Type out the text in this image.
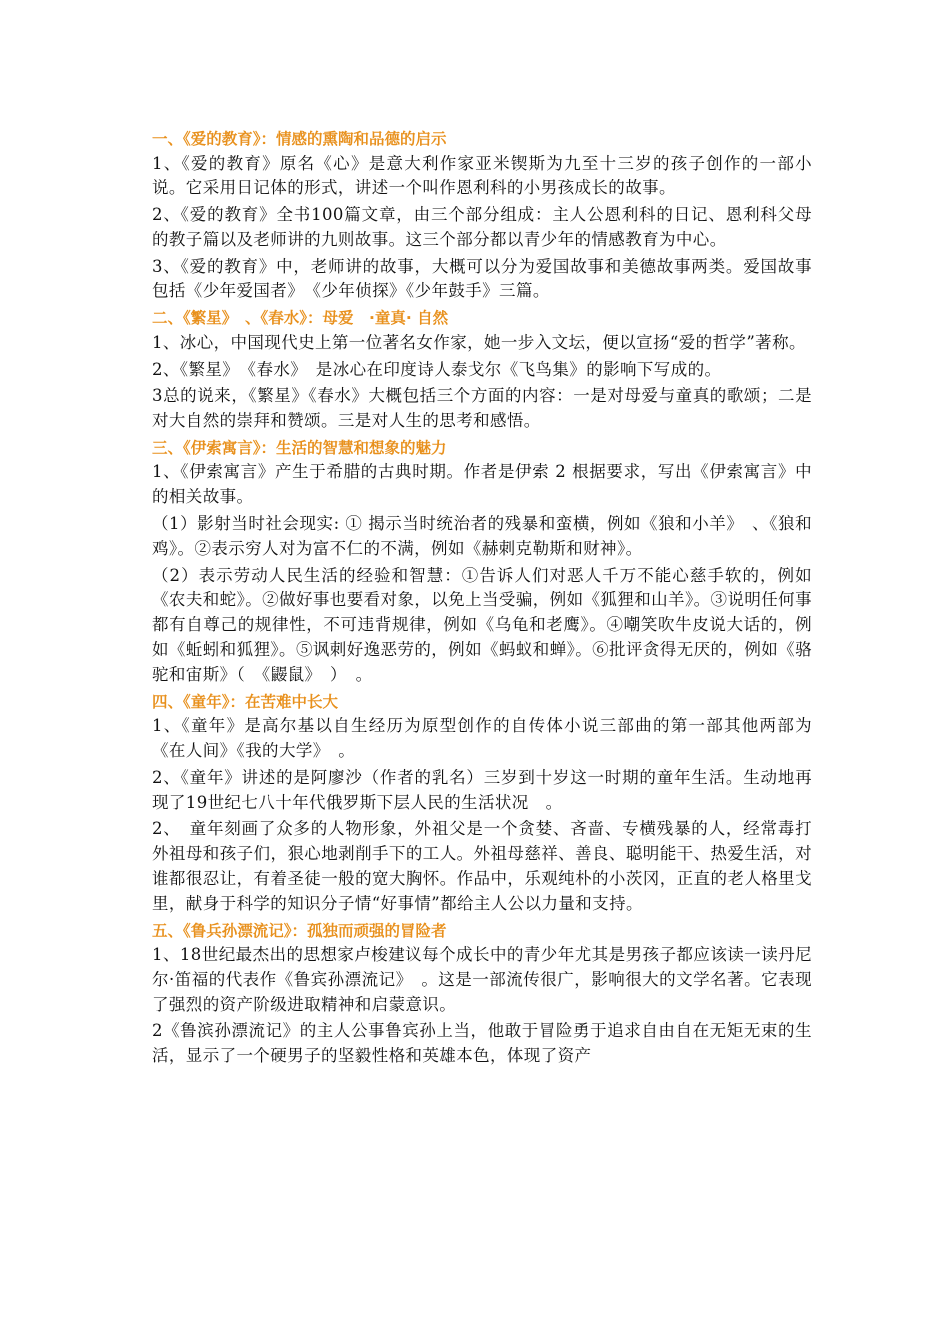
一、《爱的教育》：情感的熏陶和品德的启示

1、《爱的教育》原名《心》是意大利作家亚米锲斯为九至十三岁的孩子创作的一部小说。它采用日记体的形式，讲述一个叫作恩利科的小男孩成长的故事。

2、《爱的教育》全书100篇文章，由三个部分组成：主人公恩利科的日记、恩利科父母的教子篇以及老师讲的九则故事。这三个部分都以青少年的情感教育为中心。

3、《爱的教育》中，老师讲的故事，大概可以分为爱国故事和美德故事两类。爱国故事包括《少年爱国者》　《少年侦探》《少年鼓手》三篇。

二、《繁星》　、《春水》：母爱　·童真· 自然

1、冰心，中国现代史上第一位著名女作家，她一步入文坛，便以宣扬“爱的哲学”著称。

2、《繁星》　《春水》　是冰心在印度诗人泰戈尔《飞鸟集》的影响下写成的。

3总的说来，《繁星》《春水》大概包括三个方面的内容：一是对母爱与童真的歌颂；二是对大自然的崇拜和赞颂。三是对人生的思考和感悟。

三、《伊索寓言》：生活的智慧和想象的魅力

1、《伊索寓言》产生于希腊的古典时期。作者是伊索 2 根据要求，写出《伊索寓言》中的相关故事。

（1）影射当时社会现实: ① 揭示当时统治者的残暴和蛮横，例如《狼和小羊》　、《狼和鸡》。②表示穷人对为富不仁的不满，例如《赫刺克勒斯和财神》。

（2）表示劳动人民生活的经验和智慧：①告诉人们对恶人千万不能心慈手软的，例如《农夫和蛇》。②做好事也要看对象，以免上当受骗，例如《狐狸和山羊》。③说明任何事都有自尊己的规律性，不可违背规律，例如《乌龟和老鹰》。④嘲笑吹牛皮说大话的，例如《蚯蚓和狐狸》。⑤讽刺好逸恶劳的，例如《蚂蚁和蝉》。⑥批评贪得无厌的，例如《骆驼和宙斯》（　《鼹鼠》　）　。

四、《童年》：在苦难中长大

1、《童年》是高尔基以自生经历为原型创作的自传体小说三部曲的第一部其他两部为《在人间》《我的大学》　。

2、《童年》讲述的是阿廖沙（作者的乳名）三岁到十岁这一时期的童年生活。生动地再现了19世纪七八十年代俄罗斯下层人民的生活状况　。

2、　童年刻画了众多的人物形象，外祖父是一个贪婪、吝啬、专横残暴的人，经常毒打外祖母和孩子们，狠心地剥削手下的工人。外祖母慈祥、善良、聪明能干、热爱生活，对谁都很忍让，有着圣徒一般的宽大胸怀。作品中，乐观纯朴的小茨冈，正直的老人格里戈里，献身于科学的知识分子情“好事情”都给主人公以力量和支持。

五、《鲁兵孙漂流记》：孤独而顽强的冒险者

1、18世纪最杰出的思想家卢梭建议每个成长中的青少年尤其是男孩子都应该读一读丹尼尔·笛福的代表作《鲁宾孙漂流记》　。这是一部流传很广，影响很大的文学名著。它表现了强烈的资产阶级进取精神和启蒙意识。

2《鲁滨孙漂流记》的主人公事鲁宾孙上当，他敢于冒险勇于追求自由自在无矩无束的生活，显示了一个硬男子的坚毅性格和英雄本色，体现了资产
